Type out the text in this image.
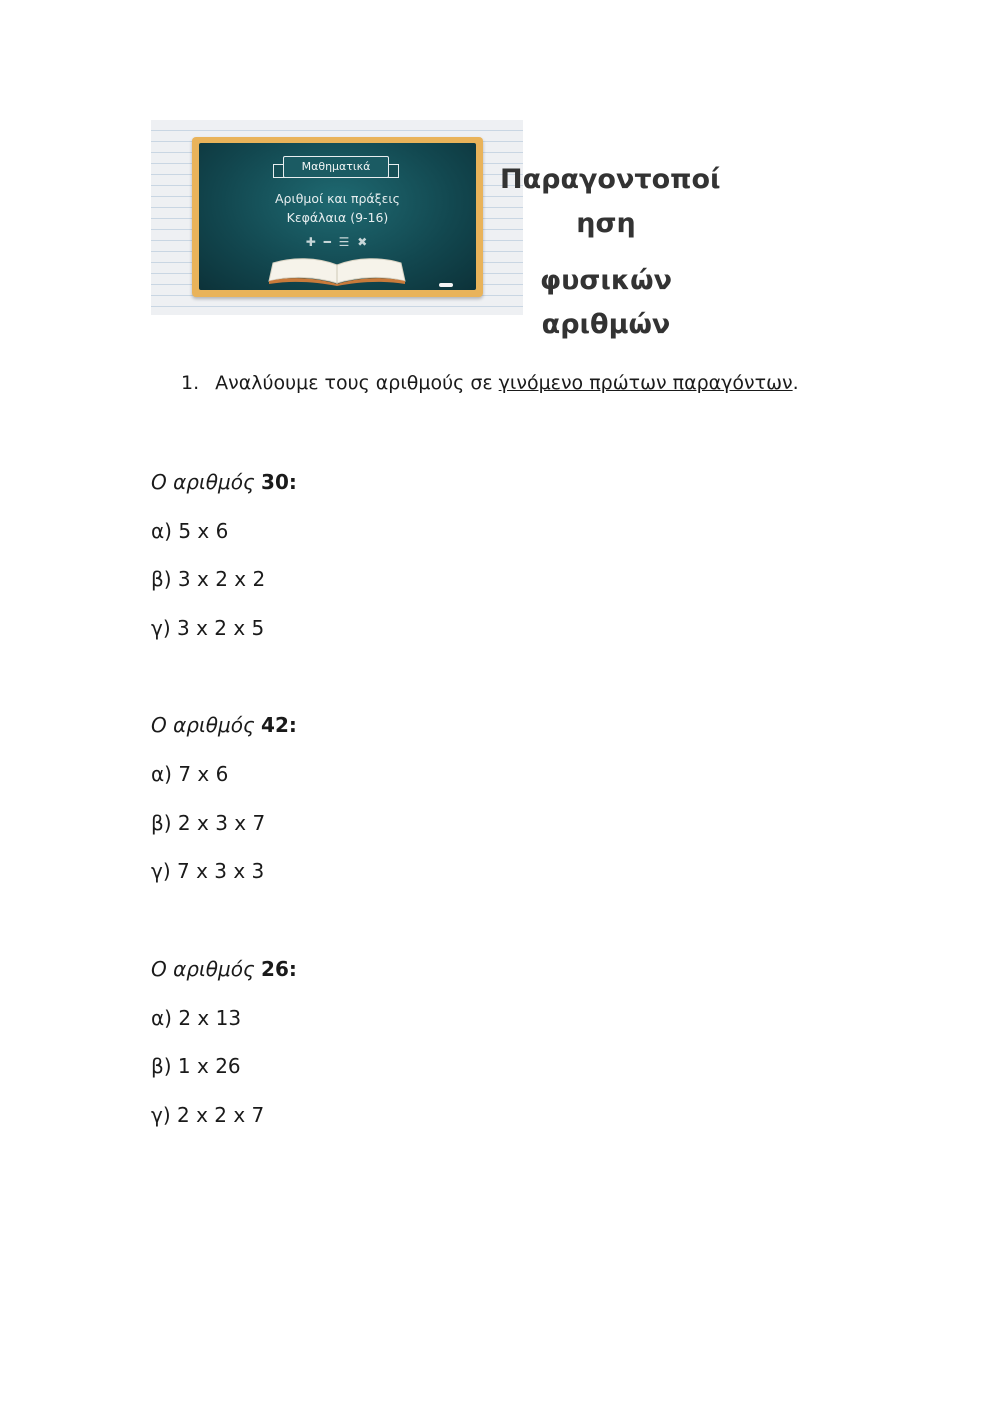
Μαθηματικά
Αριθμοί και πράξεις
Κεφάλαια (9-16)
✚ ━ ☰ ✖
Παραγοντοποί
ηση
φυσικών
αριθμών
1. Αναλύουμε τους αριθμούς σε γινόμενο πρώτων παραγόντων.
Ο αριθμός 30:
α) 5 x 6
β) 3 x 2 x 2
γ) 3 x 2 x 5
Ο αριθμός 42:
α) 7 x 6
β) 2 x 3 x 7
γ) 7 x 3 x 3
Ο αριθμός 26:
α) 2 x 13
β) 1 x 26
γ) 2 x 2 x 7
